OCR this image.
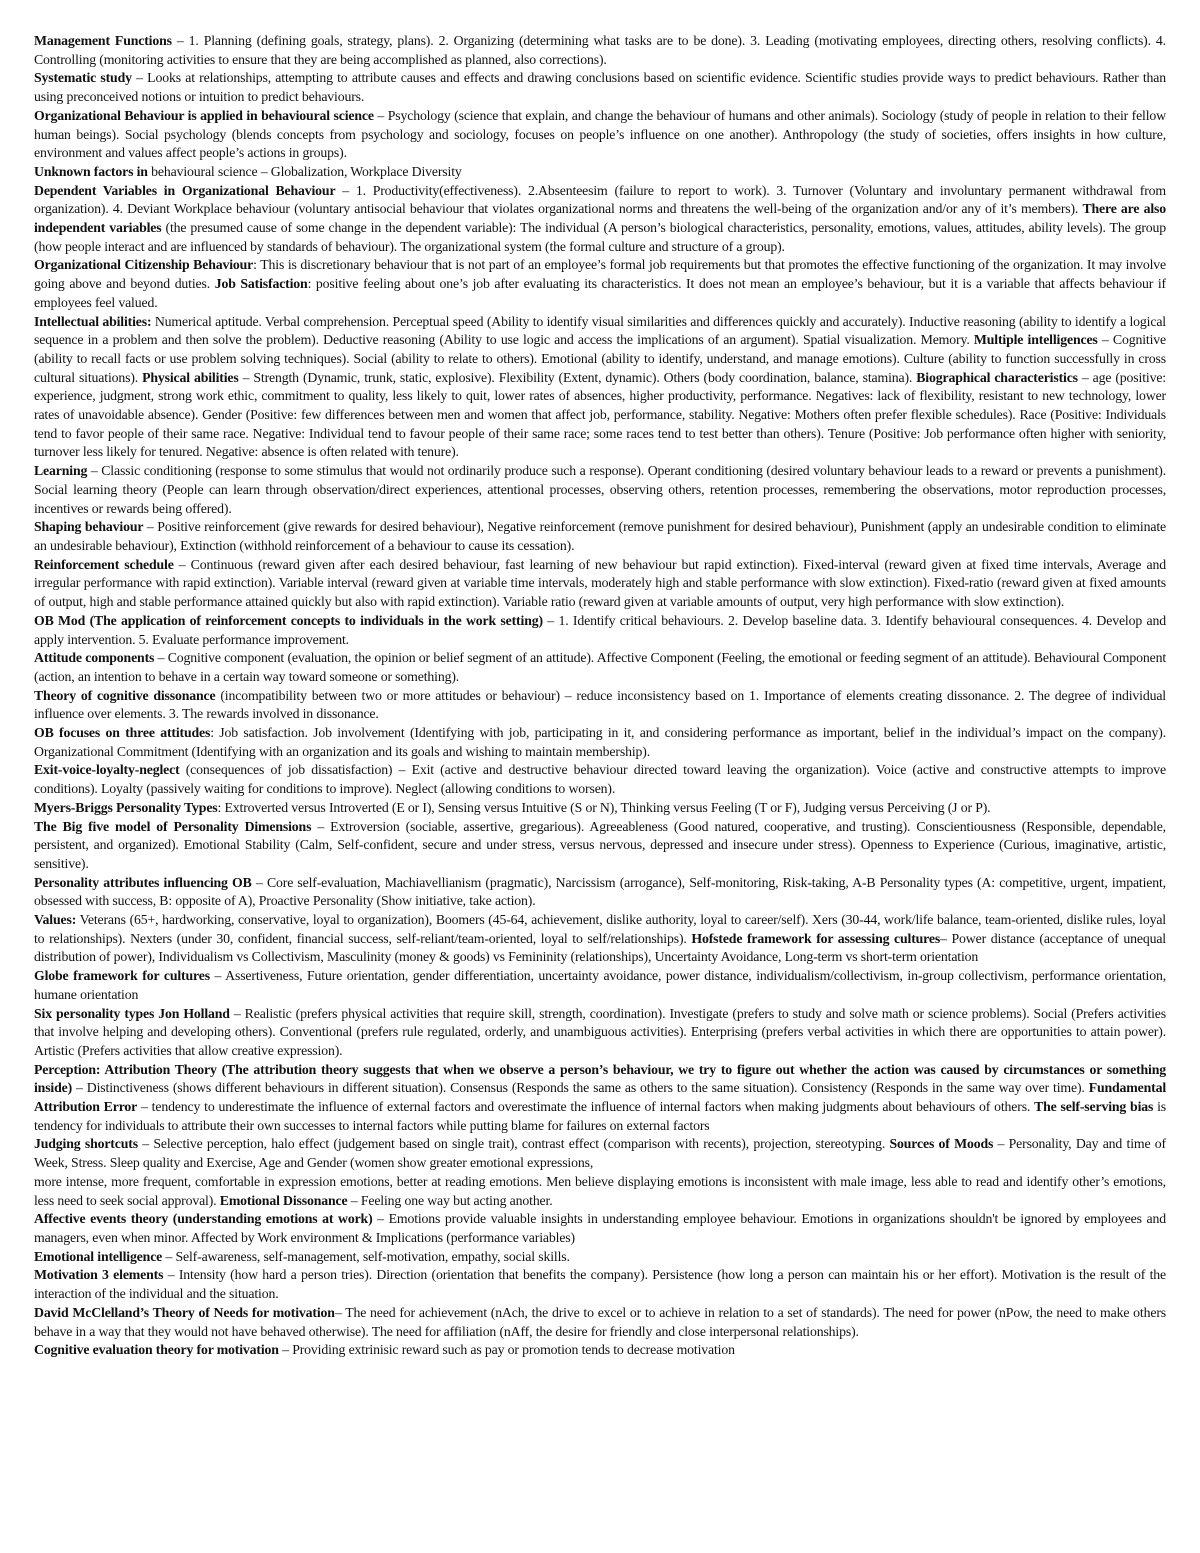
Management Functions – 1. Planning (defining goals, strategy, plans). 2. Organizing (determining what tasks are to be done). 3. Leading (motivating employees, directing others, resolving conflicts). 4. Controlling (monitoring activities to ensure that they are being accomplished as planned, also corrections).

Systematic study – Looks at relationships, attempting to attribute causes and effects and drawing conclusions based on scientific evidence. Scientific studies provide ways to predict behaviours. Rather than using preconceived notions or intuition to predict behaviours.

Organizational Behaviour is applied in behavioural science – Psychology (science that explain, and change the behaviour of humans and other animals). Sociology (study of people in relation to their fellow human beings). Social psychology (blends concepts from psychology and sociology, focuses on people’s influence on one another). Anthropology (the study of societies, offers insights in how culture, environment and values affect people’s actions in groups).

Unknown factors in behavioural science – Globalization, Workplace Diversity

Dependent Variables in Organizational Behaviour – 1. Productivity(effectiveness). 2.Absenteesim (failure to report to work). 3. Turnover (Voluntary and involuntary permanent withdrawal from organization). 4. Deviant Workplace behaviour (voluntary antisocial behaviour that violates organizational norms and threatens the well-being of the organization and/or any of it’s members). There are also independent variables (the presumed cause of some change in the dependent variable): The individual (A person’s biological characteristics, personality, emotions, values, attitudes, ability levels). The group (how people interact and are influenced by standards of behaviour). The organizational system (the formal culture and structure of a group).

Organizational Citizenship Behaviour: This is discretionary behaviour that is not part of an employee’s formal job requirements but that promotes the effective functioning of the organization. It may involve going above and beyond duties. Job Satisfaction: positive feeling about one’s job after evaluating its characteristics. It does not mean an employee’s behaviour, but it is a variable that affects behaviour if employees feel valued.

Intellectual abilities: Numerical aptitude. Verbal comprehension. Perceptual speed (Ability to identify visual similarities and differences quickly and accurately). Inductive reasoning (ability to identify a logical sequence in a problem and then solve the problem). Deductive reasoning (Ability to use logic and access the implications of an argument). Spatial visualization. Memory. Multiple intelligences – Cognitive (ability to recall facts or use problem solving techniques). Social (ability to relate to others). Emotional (ability to identify, understand, and manage emotions). Culture (ability to function successfully in cross cultural situations). Physical abilities – Strength (Dynamic, trunk, static, explosive). Flexibility (Extent, dynamic). Others (body coordination, balance, stamina). Biographical characteristics – age (positive: experience, judgment, strong work ethic, commitment to quality, less likely to quit, lower rates of absences, higher productivity, performance. Negatives: lack of flexibility, resistant to new technology, lower rates of unavoidable absence). Gender (Positive: few differences between men and women that affect job, performance, stability. Negative: Mothers often prefer flexible schedules). Race (Positive: Individuals tend to favor people of their same race. Negative: Individual tend to favour people of their same race; some races tend to test better than others). Tenure (Positive: Job performance often higher with seniority, turnover less likely for tenured. Negative: absence is often related with tenure).

Learning – Classic conditioning (response to some stimulus that would not ordinarily produce such a response). Operant conditioning (desired voluntary behaviour leads to a reward or prevents a punishment). Social learning theory (People can learn through observation/direct experiences, attentional processes, observing others, retention processes, remembering the observations, motor reproduction processes, incentives or rewards being offered).

Shaping behaviour – Positive reinforcement (give rewards for desired behaviour), Negative reinforcement (remove punishment for desired behaviour), Punishment (apply an undesirable condition to eliminate an undesirable behaviour), Extinction (withhold reinforcement of a behaviour to cause its cessation).

Reinforcement schedule – Continuous (reward given after each desired behaviour, fast learning of new behaviour but rapid extinction). Fixed-interval (reward given at fixed time intervals, Average and irregular performance with rapid extinction). Variable interval (reward given at variable time intervals, moderately high and stable performance with slow extinction). Fixed-ratio (reward given at fixed amounts of output, high and stable performance attained quickly but also with rapid extinction). Variable ratio (reward given at variable amounts of output, very high performance with slow extinction).

OB Mod (The application of reinforcement concepts to individuals in the work setting) – 1. Identify critical behaviours. 2. Develop baseline data. 3. Identify behavioural consequences. 4. Develop and apply intervention. 5. Evaluate performance improvement.

Attitude components – Cognitive component (evaluation, the opinion or belief segment of an attitude). Affective Component (Feeling, the emotional or feeding segment of an attitude). Behavioural Component (action, an intention to behave in a certain way toward someone or something).

Theory of cognitive dissonance (incompatibility between two or more attitudes or behaviour) – reduce inconsistency based on 1. Importance of elements creating dissonance. 2. The degree of individual influence over elements. 3. The rewards involved in dissonance.

OB focuses on three attitudes: Job satisfaction. Job involvement (Identifying with job, participating in it, and considering performance as important, belief in the individual’s impact on the company). Organizational Commitment (Identifying with an organization and its goals and wishing to maintain membership).

Exit-voice-loyalty-neglect (consequences of job dissatisfaction) – Exit (active and destructive behaviour directed toward leaving the organization). Voice (active and constructive attempts to improve conditions). Loyalty (passively waiting for conditions to improve). Neglect (allowing conditions to worsen).

Myers-Briggs Personality Types: Extroverted versus Introverted (E or I), Sensing versus Intuitive (S or N), Thinking versus Feeling (T or F), Judging versus Perceiving (J or P).

The Big five model of Personality Dimensions – Extroversion (sociable, assertive, gregarious). Agreeableness (Good natured, cooperative, and trusting). Conscientiousness (Responsible, dependable, persistent, and organized). Emotional Stability (Calm, Self-confident, secure and under stress, versus nervous, depressed and insecure under stress). Openness to Experience (Curious, imaginative, artistic, sensitive).

Personality attributes influencing OB – Core self-evaluation, Machiavellianism (pragmatic), Narcissism (arrogance), Self-monitoring, Risk-taking, A-B Personality types (A: competitive, urgent, impatient, obsessed with success, B: opposite of A), Proactive Personality (Show initiative, take action).

Values: Veterans (65+, hardworking, conservative, loyal to organization), Boomers (45-64, achievement, dislike authority, loyal to career/self). Xers (30-44, work/life balance, team-oriented, dislike rules, loyal to relationships). Nexters (under 30, confident, financial success, self-reliant/team-oriented, loyal to self/relationships). Hofstede framework for assessing cultures– Power distance (acceptance of unequal distribution of power), Individualism vs Collectivism, Masculinity (money & goods) vs Femininity (relationships), Uncertainty Avoidance, Long-term vs short-term orientation

Globe framework for cultures – Assertiveness, Future orientation, gender differentiation, uncertainty avoidance, power distance, individualism/collectivism, in-group collectivism, performance orientation, humane orientation

Six personality types Jon Holland – Realistic (prefers physical activities that require skill, strength, coordination). Investigate (prefers to study and solve math or science problems). Social (Prefers activities that involve helping and developing others). Conventional (prefers rule regulated, orderly, and unambiguous activities). Enterprising (prefers verbal activities in which there are opportunities to attain power). Artistic (Prefers activities that allow creative expression).

Perception: Attribution Theory (The attribution theory suggests that when we observe a person’s behaviour, we try to figure out whether the action was caused by circumstances or something inside) – Distinctiveness (shows different behaviours in different situation). Consensus (Responds the same as others to the same situation). Consistency (Responds in the same way over time). Fundamental Attribution Error – tendency to underestimate the influence of external factors and overestimate the influence of internal factors when making judgments about behaviours of others. The self-serving bias is tendency for individuals to attribute their own successes to internal factors while putting blame for failures on external factors

Judging shortcuts – Selective perception, halo effect (judgement based on single trait), contrast effect (comparison with recents), projection, stereotyping. Sources of Moods – Personality, Day and time of Week, Stress. Sleep quality and Exercise, Age and Gender (women show greater emotional expressions,

more intense, more frequent, comfortable in expression emotions, better at reading emotions. Men believe displaying emotions is inconsistent with male image, less able to read and identify other’s emotions, less need to seek social approval). Emotional Dissonance – Feeling one way but acting another.

Affective events theory (understanding emotions at work) – Emotions provide valuable insights in understanding employee behaviour. Emotions in organizations shouldn't be ignored by employees and managers, even when minor. Affected by Work environment & Implications (performance variables)

Emotional intelligence – Self-awareness, self-management, self-motivation, empathy, social skills.

Motivation 3 elements – Intensity (how hard a person tries). Direction (orientation that benefits the company). Persistence (how long a person can maintain his or her effort). Motivation is the result of the interaction of the individual and the situation.

David McClelland’s Theory of Needs for motivation– The need for achievement (nAch, the drive to excel or to achieve in relation to a set of standards). The need for power (nPow, the need to make others behave in a way that they would not have behaved otherwise). The need for affiliation (nAff, the desire for friendly and close interpersonal relationships).

Cognitive evaluation theory for motivation – Providing extrinisic reward such as pay or promotion tends to decrease motivation
